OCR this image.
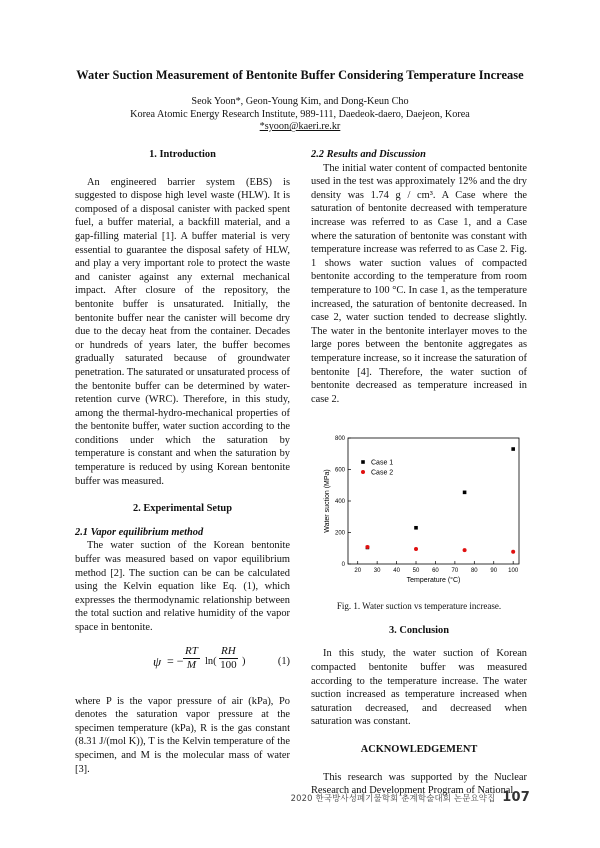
Water Suction Measurement of Bentonite Buffer Considering Temperature Increase
Seok Yoon*, Geon-Young Kim, and Dong-Keun Cho
Korea Atomic Energy Research Institute, 989-111, Daedeok-daero, Daejeon, Korea
*syoon@kaeri.re.kr
1. Introduction

An engineered barrier system (EBS) is suggested to dispose high level waste (HLW). It is composed of a disposal canister with packed spent fuel, a buffer material, a backfill material, and a gap-filling material [1]. A buffer material is very essential to guarantee the disposal safety of HLW, and play a very important role to protect the waste and canister against any external mechanical impact. After closure of the repository, the bentonite buffer is unsaturated. Initially, the bentonite buffer near the canister will become dry due to the decay heat from the container. Decades or hundreds of years later, the buffer becomes gradually saturated because of groundwater penetration. The saturated or unsaturated process of the bentonite buffer can be determined by water-retention curve (WRC). Therefore, in this study, among the thermal-hydro-mechanical properties of the bentonite buffer, water suction according to the conditions under which the saturation by temperature is constant and when the saturation by temperature is reduced by using Korean bentonite buffer was measured.

2. Experimental Setup
2.1 Vapor equilibrium method

The water suction of the Korean bentonite buffer was measured based on vapor equilibrium method [2]. The suction can be can be calculated using the Kelvin equation like Eq. (1), which expresses the thermodynamic relationship between the total suction and relative humidity of the vapor space in bentonite.

ψ = − $\frac{RT}{M} \ln( \frac{RH}{100}$ )	(1)

where P is the vapor pressure of air (kPa), Po denotes the saturation vapor pressure at the specimen temperature (kPa), R is the gas constant (8.31 J/(mol K)), T is the Kelvin temperature of the specimen, and M is the molecular mass of water [3].

2.2 Results and Discussion

The initial water content of compacted bentonite used in the test was approximately 12% and the dry density was 1.74 g / cm³. A Case where the saturation of bentonite decreased with temperature increase was referred to as Case 1, and a Case where the saturation of bentonite was constant with temperature increase was referred to as Case 2. Fig. 1 shows water suction values of compacted bentonite according to the temperature from room temperature to 100 °C. In case 1, as the temperature increased, the saturation of bentonite decreased. In case 2, water suction tended to decrease slightly. The water in the bentonite interlayer moves to the large pores between the bentonite aggregates as temperature increase, so it increase the saturation of bentonite [4]. Therefore, the water suction of bentonite decreased as temperature increased in case 2.

20 30 40 50 60 70 80 90 100
0
200
400
600
800
Temperature (°C)
Water suction (MPa)
Case 1
Case 2

Fig. 1. Water suction vs temperature increase.

3. Conclusion

In this study, the water suction of Korean compacted bentonite buffer was measured according to the temperature increase. The water suction increased as temperature increased when saturation decreased, and decreased when saturation was constant.

ACKNOWLEDGEMENT

This research was supported by the Nuclear Research and Development Program of National

2020 한국방사성폐기물학회 춘계학술대회 논문요약집 107
